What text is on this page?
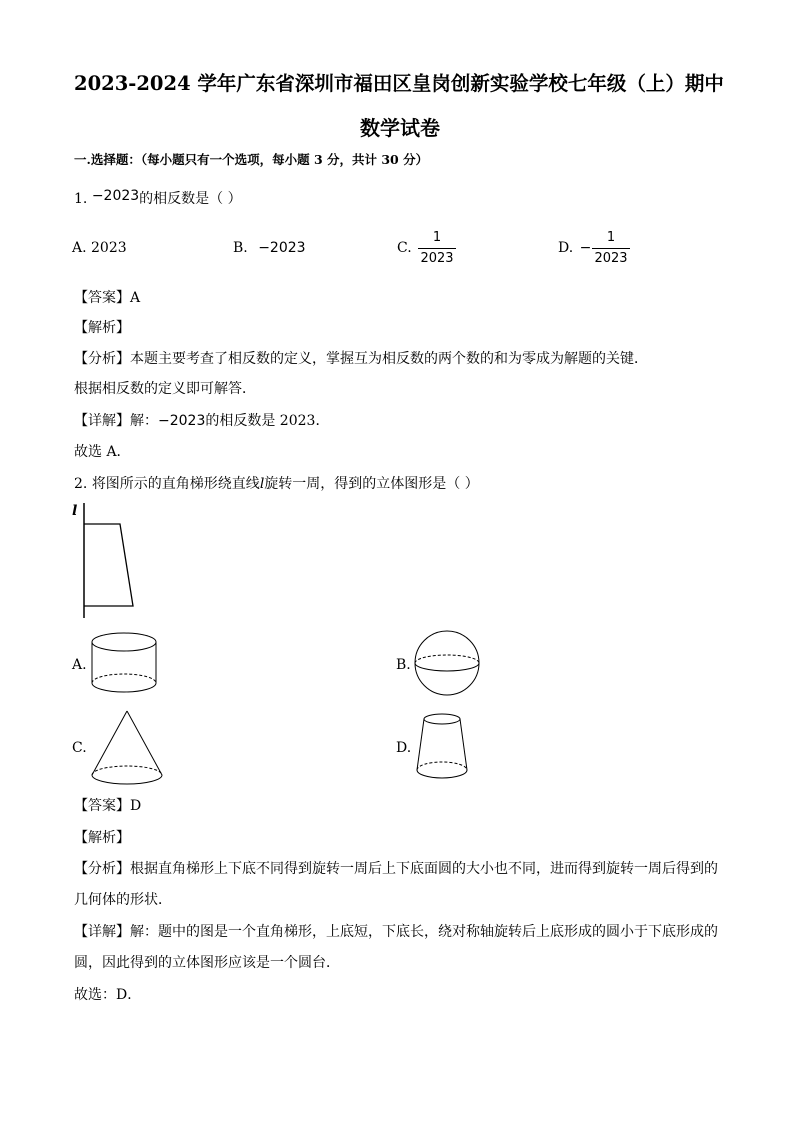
2023-2024 学年广东省深圳市福田区皇岗创新实验学校七年级（上）期中
数学试卷
一.选择题：（每小题只有一个选项，每小题 3 分，共计 30 分）
1. −2023的相反数是（ ）
A. 2023	B. −2023	C.
1
2023
D. −
1
2023
【答案】A
【解析】
【分析】本题主要考查了相反数的定义，掌握互为相反数的两个数的和为零成为解题的关键．
根据相反数的定义即可解答．
【详解】解：−2023的相反数是 2023．
故选 A．
2. 将图所示的直角梯形绕直线l旋转一周，得到的立体图形是（ ）
l
A.	B.
C.	D.
【答案】D
【解析】
【分析】根据直角梯形上下底不同得到旋转一周后上下底面圆的大小也不同，进而得到旋转一周后得到的
几何体的形状．
【详解】解：题中的图是一个直角梯形，上底短，下底长，绕对称轴旋转后上底形成的圆小于下底形成的
圆，因此得到的立体图形应该是一个圆台．
故选：D．
